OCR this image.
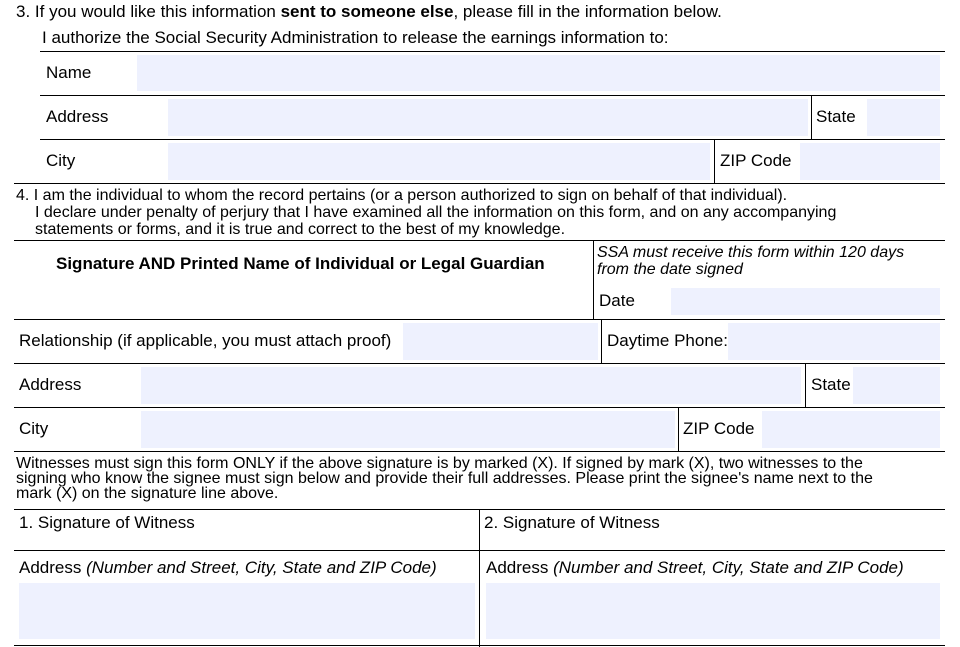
3. If you would like this information sent to someone else, please fill in the information below.
I authorize the Social Security Administration to release the earnings information to:
Name
Address	State
City	ZIP Code
4. I am the individual to whom the record pertains (or a person authorized to sign on behalf of that individual).
I declare under penalty of perjury that I have examined all the information on this form, and on any accompanying
statements or forms, and it is true and correct to the best of my knowledge.
Signature AND Printed Name of Individual or Legal Guardian
SSA must receive this form within 120 days
from the date signed
Date
Relationship (if applicable, you must attach proof)	Daytime Phone:
Address	State
City	ZIP Code
Witnesses must sign this form ONLY if the above signature is by marked (X). If signed by mark (X), two witnesses to the
signing who know the signee must sign below and provide their full addresses. Please print the signee's name next to the
mark (X) on the signature line above.
1. Signature of Witness	2. Signature of Witness
Address (Number and Street, City, State and ZIP Code)	Address (Number and Street, City, State and ZIP Code)
